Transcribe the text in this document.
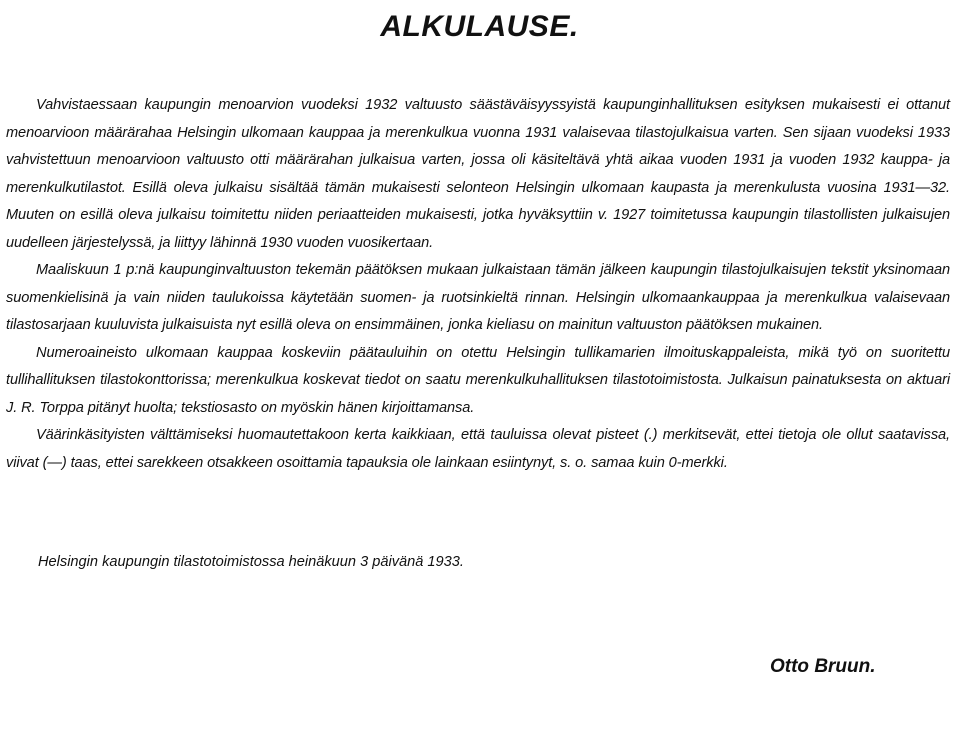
ALKULAUSE.

Vahvistaessaan kaupungin menoarvion vuodeksi 1932 valtuusto säästäväisyyssyistä kaupunginhallituksen esityksen mukaisesti ei ottanut menoarvioon määrärahaa Helsingin ulkomaan kauppaa ja merenkulkua vuonna 1931 valaisevaa tilastojulkaisua varten. Sen sijaan vuodeksi 1933 vahvistettuun menoarvioon valtuusto otti määrärahan julkaisua varten, jossa oli käsiteltävä yhtä aikaa vuoden 1931 ja vuoden 1932 kauppa- ja merenkulkutilastot. Esillä oleva julkaisu sisältää tämän mukaisesti selonteon Helsingin ulkomaan kaupasta ja merenkulusta vuosina 1931—32. Muuten on esillä oleva julkaisu toimitettu niiden periaatteiden mukaisesti, jotka hyväksyttiin v. 1927 toimitetussa kaupungin tilastollisten julkaisujen uudelleen järjestelyssä, ja liittyy lähinnä 1930 vuoden vuosikertaan.

Maaliskuun 1 p:nä kaupunginvaltuuston tekemän päätöksen mukaan julkaistaan tämän jälkeen kaupungin tilastojulkaisujen tekstit yksinomaan suomenkielisinä ja vain niiden taulukoissa käytetään suomen- ja ruotsinkieltä rinnan. Helsingin ulkomaankauppaa ja merenkulkua valaisevaan tilastosarjaan kuuluvista julkaisuista nyt esillä oleva on ensimmäinen, jonka kieliasu on mainitun valtuuston päätöksen mukainen.

Numeroaineisto ulkomaan kauppaa koskeviin päätauluihin on otettu Helsingin tullikamarien ilmoituskappaleista, mikä työ on suoritettu tullihallituksen tilastokonttorissa; merenkulkua koskevat tiedot on saatu merenkulkuhallituksen tilastotoimistosta. Julkaisun painatuksesta on aktuari J. R. Torppa pitänyt huolta; tekstiosasto on myöskin hänen kirjoittamansa.

Väärinkäsityisten välttämiseksi huomautettakoon kerta kaikkiaan, että tauluissa olevat pisteet (.) merkitsevät, ettei tietoja ole ollut saatavissa, viivat (—) taas, ettei sarekkeen otsakkeen osoittamia tapauksia ole lainkaan esiintynyt, s. o. samaa kuin 0-merkki.

Helsingin kaupungin tilastotoimistossa heinäkuun 3 päivänä 1933.

Otto Bruun.
